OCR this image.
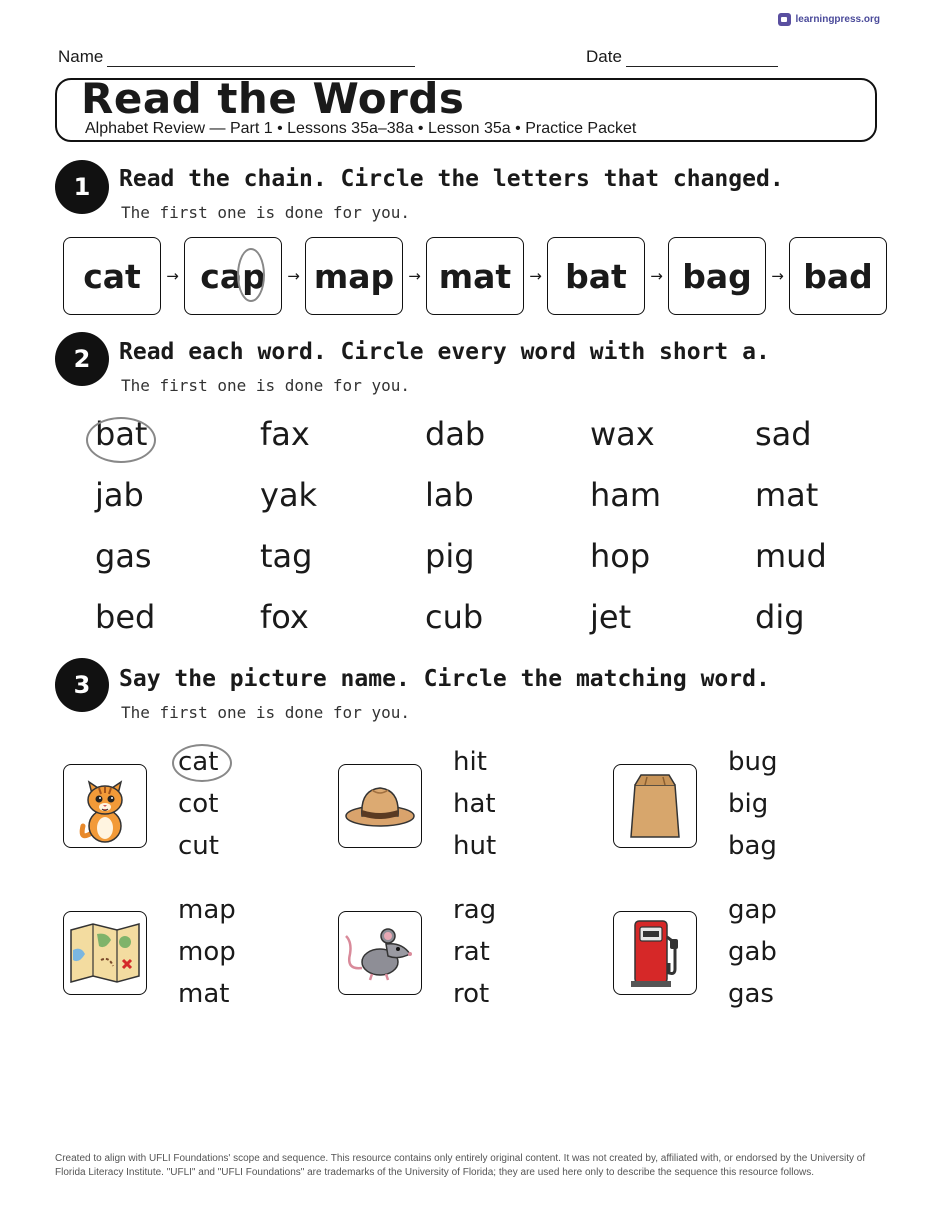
learningpress.org
Name	Date
Read the Words
Alphabet Review — Part 1 • Lessons 35a–38a • Lesson 35a • Practice Packet
1	Read the chain. Circle the letters that changed.
The first one is done for you.
cat	→ cap	→ map → mat	→ bat	→ bag	→ bad
2	Read each word. Circle every word with short a.
The first one is done for you.
bat	fax	dab	wax	sad
jab	yak	lab	ham	mat
gas	tag	pig	hop	mud
bed	fox	cub	jet	dig
3	Say the picture name. Circle the matching word.
The first one is done for you.
cat
cot
cut
hit
hat
hut
bug
big
bag
map
mop
mat
rag
rat
rot
gap
gab
gas
Created to align with UFLI Foundations' scope and sequence. This resource contains only entirely original content. It was not created by, affiliated with, or endorsed by the University of Florida Literacy Institute. "UFLI" and "UFLI Foundations" are trademarks of the University of Florida; they are used here only to describe the sequence this resource follows.
